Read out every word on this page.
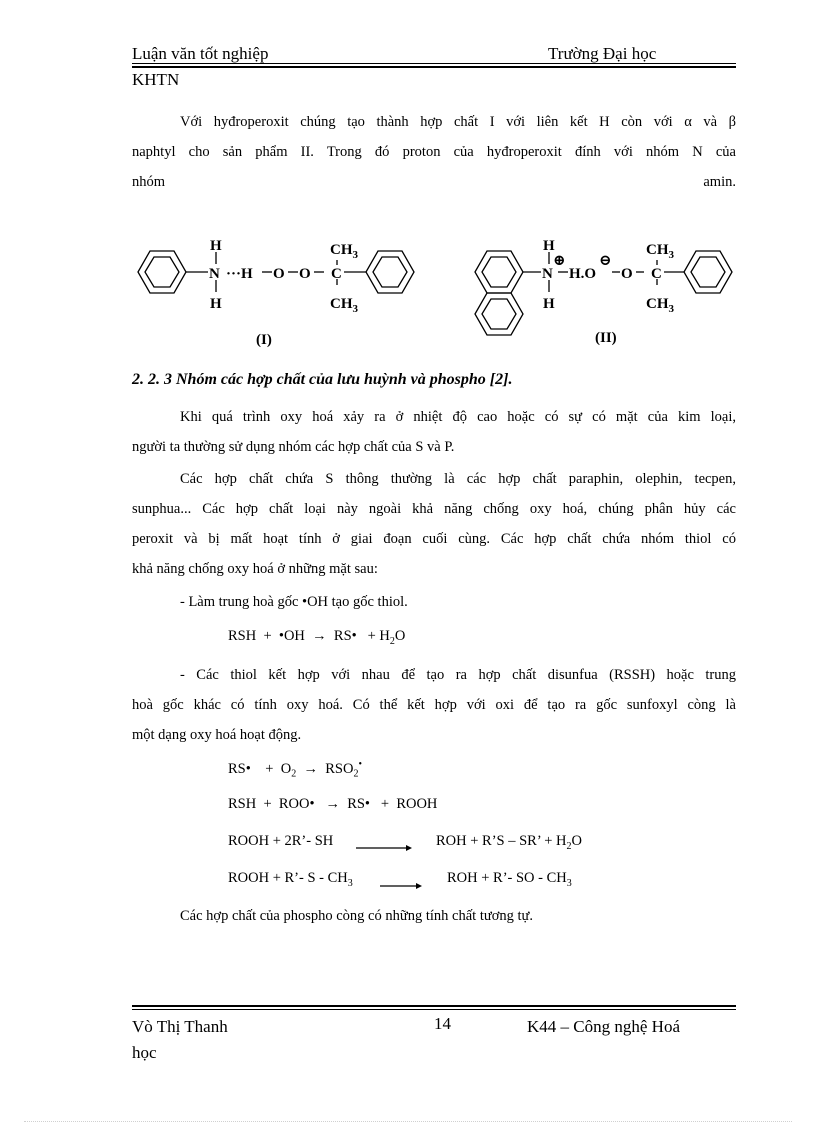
Luận văn tốt nghiệp	Trường Đại học
KHTN
Với hyđroperoxit chúng tạo thành hợp chất I với liên kết H còn với α và β
naphtyl cho sản phẩm II. Trong đó proton của hyđroperoxit đính với nhóm N của
nhóm	amin.
H
N
H
···H O O C
$CH_3$
$CH_3$
(I)
H
N
H
⊕
H.O
⊖
O C
$CH_3$
$CH_3$
(II)
2. 2. 3 Nhóm các hợp chất của lưu huỳnh và phospho [2].
Khi quá trình oxy hoá xảy ra ở nhiệt độ cao hoặc có sự có mặt của kim loại,
người ta thường sử dụng nhóm các hợp chất của S và P.
Các hợp chất chứa S thông thường là các hợp chất paraphin, olephin, tecpen,
sunphua... Các hợp chất loại này ngoài khả năng chống oxy hoá, chúng phân hủy các
peroxit và bị mất hoạt tính ở giai đoạn cuối cùng. Các hợp chất chứa nhóm thiol có
khả năng chống oxy hoá ở những mặt sau:
- Làm trung hoà gốc •OH tạo gốc thiol.
RSH  +  •OH  →  RS•   + $H_2O$
- Các thiol kết hợp với nhau để tạo ra hợp chất disunfua (RSSH) hoặc trung
hoà gốc khác có tính oxy hoá. Có thể kết hợp với oxi để tạo ra gốc sunfoxyl còng là
một dạng oxy hoá hoạt động.
RS•    +  $O_2 \to RSO_2^•$
RSH  +  ROO•   →  RS•   +  ROOH
ROOH + 2R’- SH	ROH + R’S – SR’ + $H_2O$
ROOH + R’- S - $CH_3$	ROH + R’- SO - $CH_3$
Các hợp chất của phospho còng có những tính chất tương tự.
Vò Thị Thanh	14	K44 – Công nghệ Hoá
học
